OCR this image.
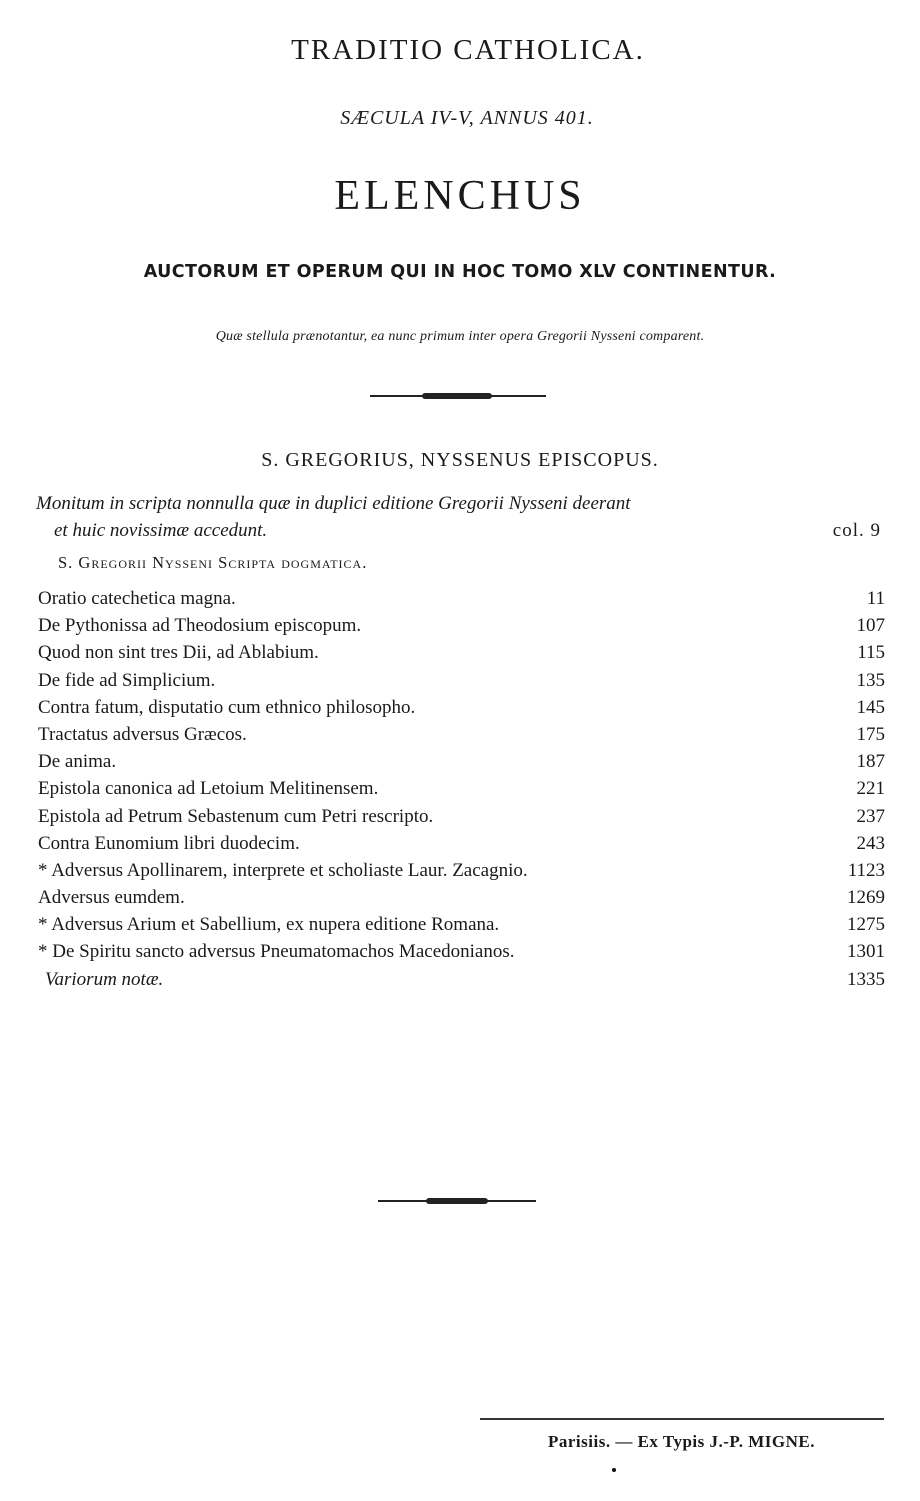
TRADITIO CATHOLICA.
SÆCULA IV-V, ANNUS 401.
ELENCHUS
AUCTORUM ET OPERUM QUI IN HOC TOMO XLV CONTINENTUR.
Quæ stellula prænotantur, ea nunc primum inter opera Gregorii Nysseni comparent.
S. GREGORIUS, NYSSENUS EPISCOPUS.
Monitum in scripta nonnulla quæ in duplici editione Gregorii Nysseni deerant
et huic novissimæ accedunt.	col. 9
S. Gregorii Nysseni Scripta dogmatica.
Oratio catechetica magna.	11
De Pythonissa ad Theodosium episcopum.	107
Quod non sint tres Dii, ad Ablabium.	115
De fide ad Simplicium.	135
Contra fatum, disputatio cum ethnico philosopho.	145
Tractatus adversus Græcos.	175
De anima.	187
Epistola canonica ad Letoium Melitinensem.	221
Epistola ad Petrum Sebastenum cum Petri rescripto.	237
Contra Eunomium libri duodecim.	243
* Adversus Apollinarem, interprete et scholiaste Laur. Zacagnio.	1123
Adversus eumdem.	1269
* Adversus Arium et Sabellium, ex nupera editione Romana.	1275
* De Spiritu sancto adversus Pneumatomachos Macedonianos.	1301
Variorum notæ.	1335
Parisiis. — Ex Typis J.-P. MIGNE.
